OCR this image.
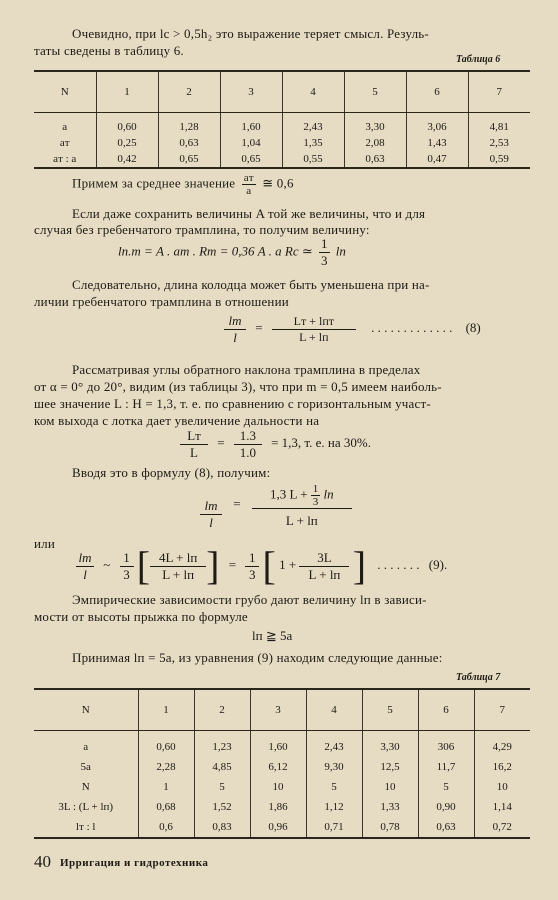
Очевидно, при lc > 0,5h₂ это выражение теряет смысл. Резуль-
таты сведены в таблицу 6.
Таблица 6
N	1	2	3	4	5	6	7
a	0,60	1,28	1,60	2,43	3,30	3,06	4,81
aт	0,25	0,63	1,04	1,35	2,08	1,43	2,53
aт : a	0,42	0,65	0,65	0,55	0,63	0,47	0,59
Примем за среднее значение $\frac{aт}{a}$ ≅ 0,6
Если даже сохранить величины A той же величины, что и для
случая без гребенчатого трамплина, то получим величину:
lп.т = A . aт . Rт = 0,36 A . a Rc ≃ $\frac{1}{3}$ lп
Следовательно, длина колодца может быть уменьшена при на-
личии гребенчатого трамплина в отношении
$\frac{lт}{l} = \frac{\text{Lт + lпт}}{L + lп}$ . . . . . . . . . . . . . (8)
Рассматривая углы обратного наклона трамплина в пределах
от α = 0° до 20°, видим (из таблицы 3), что при m = 0,5 имеем наиболь-
шее значение L : H = 1,3, т. е. по сравнению с горизонтальным участ-
ком выхода с лотка дает увеличение дальности на
$\frac{Lт}{L} = \frac{1.3}{1.0} = 1,3$, т. е. на 30%.
Вводя это в формулу (8), получим:
$\frac{lт}{l} = \frac{1,3 L + \frac{1}{3} lп}{L + lп}$
или
$\frac{lт}{l}$ ~ $\frac{1}{3}$ [ $\frac{4L + lп}{L + lп}$ ] = $\frac{1}{3}$ [ $1 + \frac{3L}{L + lп}$ ] . . . . . . . (9).
Эмпирические зависимости грубо дают величину lп в зависи-
мости от высоты прыжка по формуле
lп ≧ 5a
Принимая lп = 5a, из уравнения (9) находим следующие данные:
Таблица 7
N	1	2	3	4	5	6	7
a	0,60	1,23	1,60	2,43	3,30	306	4,29
5a	2,28	4,85	6,12	9,30	12,5	11,7	16,2
N	1	5	10	5	10	5	10
3L : (L + lп)	0,68	1,52	1,86	1,12	1,33	0,90	1,14
lт : l	0,6	0,83	0,96	0,71	0,78	0,63	0,72
40 Ирригация и гидротехника
